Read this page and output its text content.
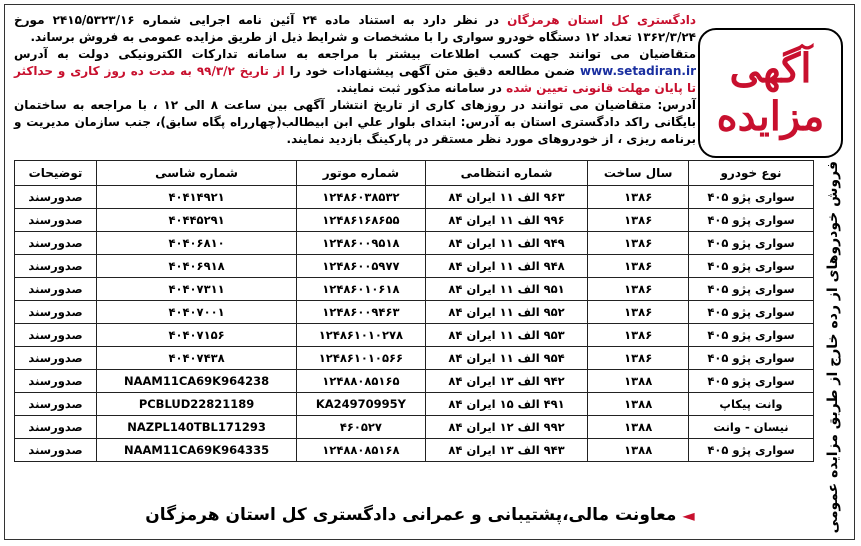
آگهی
مزایده

دادگستری کل استان هرمزگان در نظر دارد به استناد ماده ۲۴ آئین نامه اجرایی شماره ۲۴۱۵/۵۳۲۳/۱۶ مورخ ۱۳۶۲/۳/۲۴ تعداد ۱۲ دستگاه خودرو سواری را با مشخصات و شرایط ذیل از طریق مزایده عمومی به فروش برساند.

متقاضیان می توانند جهت کسب اطلاعات بیشتر با مراجعه به سامانه تدارکات الکترونیکی دولت به آدرس www.setadiran.ir ضمن مطالعه دقیق متن آگهی پیشنهادات خود را از تاریخ ۹۹/۳/۲ به مدت ده روز کاری و حداکثر تا پایان مهلت قانونی تعیین شده در سامانه مذکور ثبت نمایند.

آدرس: متقاضیان می توانند در روزهای کاری از تاریخ انتشار آگهی بین ساعت ۸ الی ۱۲ ، با مراجعه به ساختمان بایگانی راکد دادگستری استان به آدرس: ابتدای بلوار علي ابن ابیطالب(چهارراه پگاه سابق)، جنب سازمان مدیریت و برنامه ریزی ، از خودروهای مورد نظر مستقر در پارکینگ بازدید نمایند.

نوع خودرو	سال ساخت	شماره انتظامی	شماره موتور	شماره شاسی	توضیحات
سواری پژو ۴۰۵	۱۳۸۶	۹۶۳ الف ۱۱ ایران ۸۴	۱۲۴۸۶۰۳۸۵۳۲	۴۰۴۱۴۹۲۱	صدورسند
سواری پژو ۴۰۵	۱۳۸۶	۹۹۶ الف ۱۱ ایران ۸۴	۱۲۴۸۶۱۶۸۶۵۵	۴۰۴۴۵۲۹۱	صدورسند
سواری پژو ۴۰۵	۱۳۸۶	۹۴۹ الف ۱۱ ایران ۸۴	۱۲۴۸۶۰۰۹۵۱۸	۴۰۴۰۶۸۱۰	صدورسند
سواری پژو ۴۰۵	۱۳۸۶	۹۴۸ الف ۱۱ ایران ۸۴	۱۲۴۸۶۰۰۵۹۷۷	۴۰۴۰۶۹۱۸	صدورسند
سواری پژو ۴۰۵	۱۳۸۶	۹۵۱ الف ۱۱ ایران ۸۴	۱۲۴۸۶۰۱۰۶۱۸	۴۰۴۰۷۳۱۱	صدورسند
سواری پژو ۴۰۵	۱۳۸۶	۹۵۲ الف ۱۱ ایران ۸۴	۱۲۴۸۶۰۰۹۴۶۳	۴۰۴۰۷۰۰۱	صدورسند
سواری پژو ۴۰۵	۱۳۸۶	۹۵۳ الف ۱۱ ایران ۸۴	۱۲۴۸۶۱۰۱۰۲۷۸	۴۰۴۰۷۱۵۶	صدورسند
سواری پژو ۴۰۵	۱۳۸۶	۹۵۴ الف ۱۱ ایران ۸۴	۱۲۴۸۶۱۰۱۰۵۶۶	۴۰۴۰۷۴۳۸	صدورسند
سواری پژو ۴۰۵	۱۳۸۸	۹۴۲ الف ۱۳ ایران ۸۴	۱۲۴۸۸۰۸۵۱۶۵	NAAM11CA69K964238	صدورسند
وانت پیکاپ	۱۳۸۸	۴۹۱ الف ۱۵ ایران ۸۴	KA24970995Y	PCBLUD22821189	صدورسند
نیسان - وانت	۱۳۸۸	۹۹۲ الف ۱۲ ایران ۸۴	۴۶۰۵۲۷	NAZPL140TBL171293	صدورسند
سواری پژو ۴۰۵	۱۳۸۸	۹۴۳ الف ۱۳ ایران ۸۴	۱۲۴۸۸۰۸۵۱۶۸	NAAM11CA69K964335	صدورسند	فروش خودروهای از رده خارج از طریق مزایده عمومی
◄
معاونت مالی،پشتیبانی و عمرانی دادگستری کل استان هرمزگان
